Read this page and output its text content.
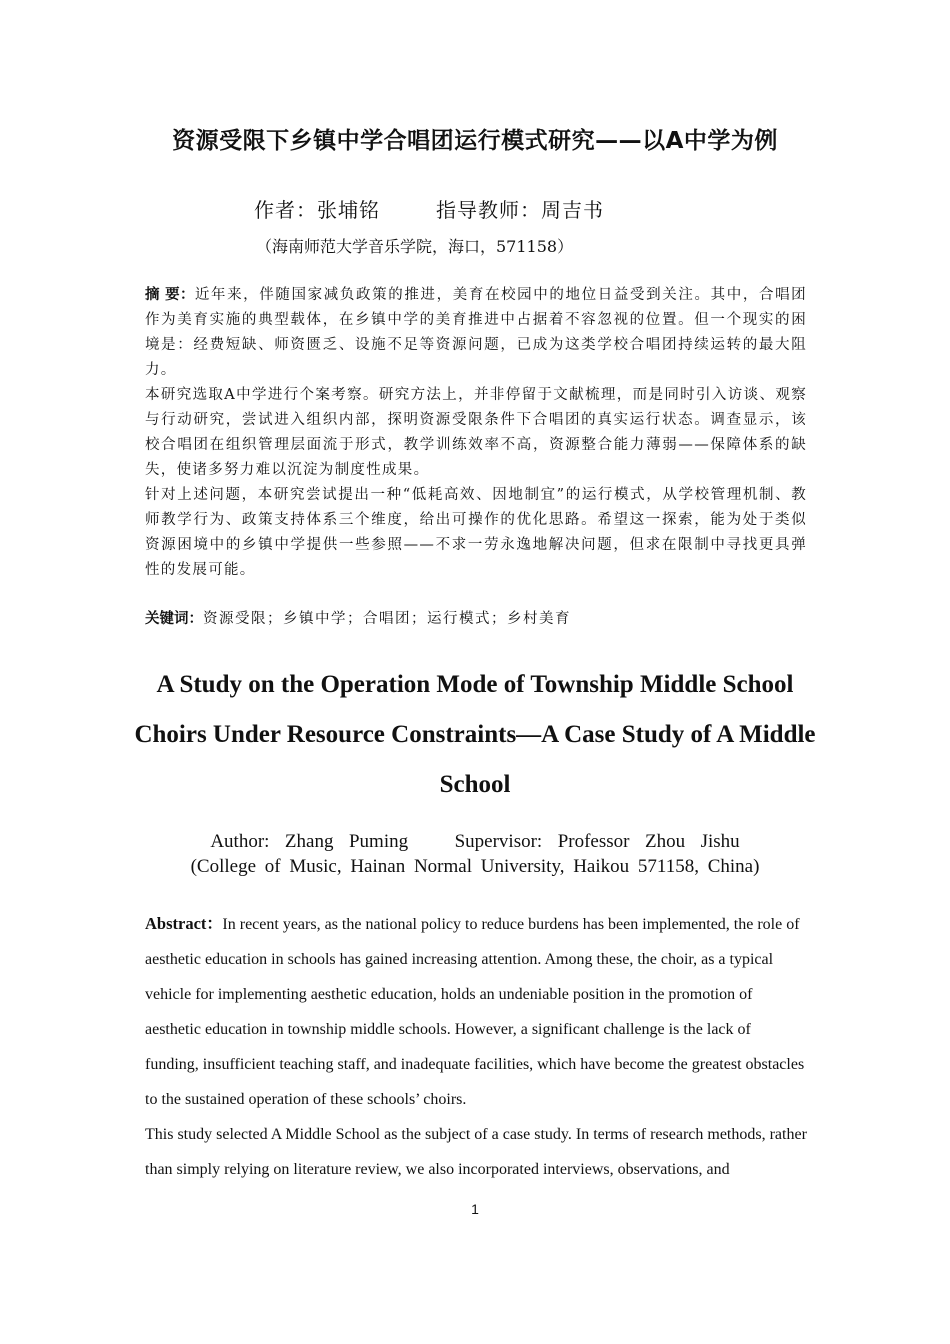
资源受限下乡镇中学合唱团运行模式研究——以A中学为例
作者：张埔铭	指导教师：周吉书
（海南师范大学音乐学院，海口，571158）

摘 要：近年来，伴随国家减负政策的推进，美育在校园中的地位日益受到关注。其中，合唱团作为美育实施的典型载体，在乡镇中学的美育推进中占据着不容忽视的位置。但一个现实的困境是：经费短缺、师资匮乏、设施不足等资源问题，已成为这类学校合唱团持续运转的最大阻力。

本研究选取A中学进行个案考察。研究方法上，并非停留于文献梳理，而是同时引入访谈、观察与行动研究，尝试进入组织内部，探明资源受限条件下合唱团的真实运行状态。调查显示，该校合唱团在组织管理层面流于形式，教学训练效率不高，资源整合能力薄弱——保障体系的缺失，使诸多努力难以沉淀为制度性成果。

针对上述问题，本研究尝试提出一种“低耗高效、因地制宜”的运行模式，从学校管理机制、教师教学行为、政策支持体系三个维度，给出可操作的优化思路。希望这一探索，能为处于类似资源困境中的乡镇中学提供一些参照——不求一劳永逸地解决问题，但求在限制中寻找更具弹性的发展可能。

关键词：资源受限；乡镇中学；合唱团；运行模式；乡村美育
A Study on the Operation Mode of Township Middle School Choirs Under Resource Constraints—A Case Study of A Middle School
Author:  Zhang  Puming      Supervisor:  Professor  Zhou  Jishu
(College of Music, Hainan Normal University, Haikou 571158, China)

Abstract：In recent years, as the national policy to reduce burdens has been implemented, the role of aesthetic education in schools has gained increasing attention. Among these, the choir, as a typical vehicle for implementing aesthetic education, holds an undeniable position in the promotion of aesthetic education in township middle schools. However, a significant challenge is the lack of funding, insufficient teaching staff, and inadequate facilities, which have become the greatest obstacles to the sustained operation of these schools’ choirs.

This study selected A Middle School as the subject of a case study. In terms of research methods, rather than simply relying on literature review, we also incorporated interviews, observations, and

1
